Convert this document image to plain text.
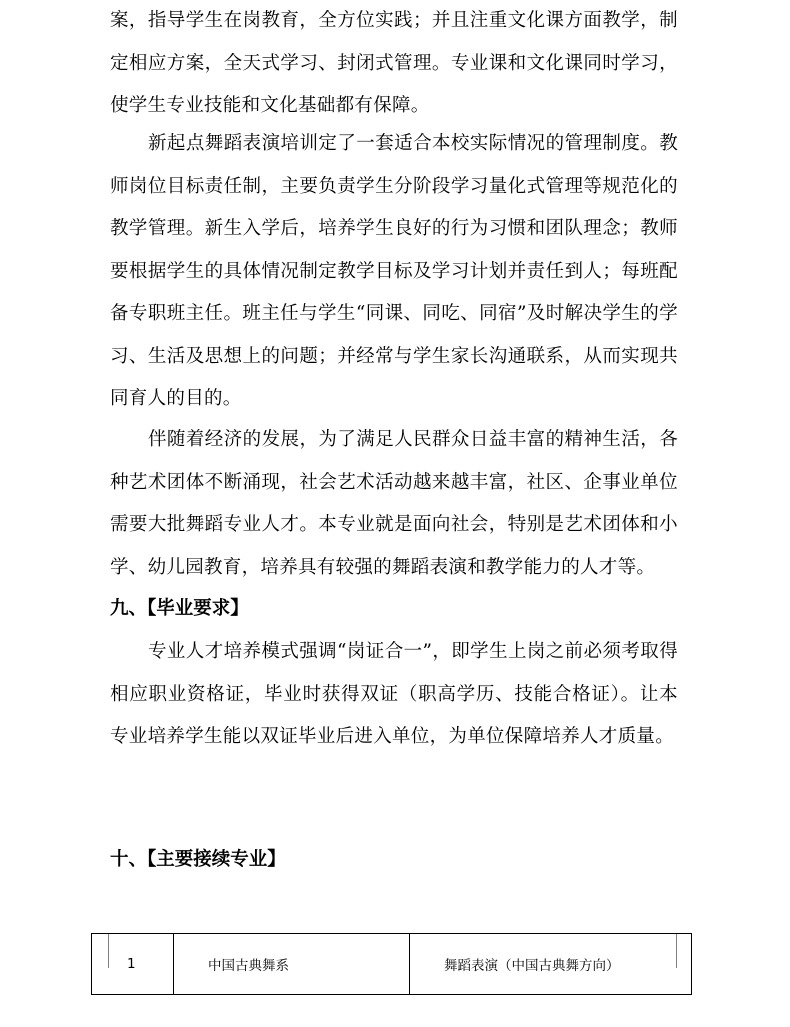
案，指导学生在岗教育，全方位实践；并且注重文化课方面教学，制定相应方案，全天式学习、封闭式管理。专业课和文化课同时学习，使学生专业技能和文化基础都有保障。

新起点舞蹈表演培训定了一套适合本校实际情况的管理制度。教师岗位目标责任制，主要负责学生分阶段学习量化式管理等规范化的教学管理。新生入学后，培养学生良好的行为习惯和团队理念；教师要根据学生的具体情况制定教学目标及学习计划并责任到人；每班配备专职班主任。班主任与学生“同课、同吃、同宿”及时解决学生的学习、生活及思想上的问题；并经常与学生家长沟通联系，从而实现共同育人的目的。

伴随着经济的发展，为了满足人民群众日益丰富的精神生活，各种艺术团体不断涌现，社会艺术活动越来越丰富，社区、企事业单位需要大批舞蹈专业人才。本专业就是面向社会，特别是艺术团体和小学、幼儿园教育，培养具有较强的舞蹈表演和教学能力的人才等。

九、【毕业要求】

专业人才培养模式强调“岗证合一”，即学生上岗之前必须考取得相应职业资格证，毕业时获得双证（职高学历、技能合格证）。让本专业培养学生能以双证毕业后进入单位，为单位保障培养人才质量。

十、【主要接续专业】
1	中国古典舞系	舞蹈表演（中国古典舞方向）
